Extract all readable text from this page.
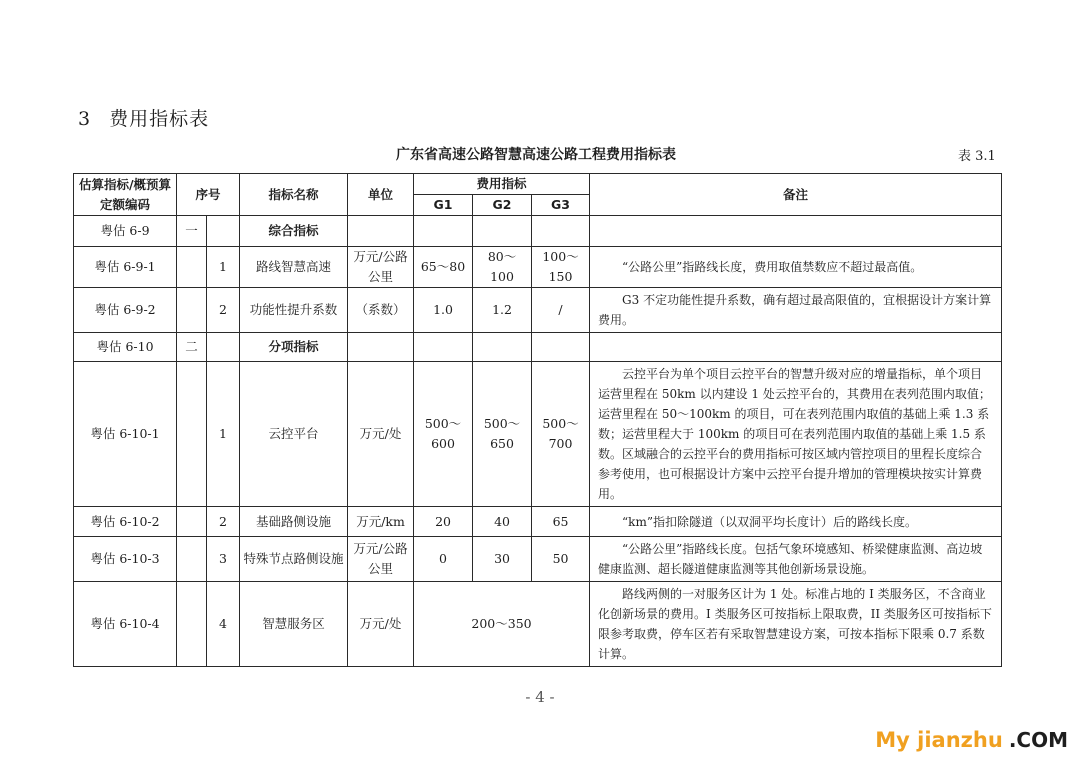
3 费用指标表
广东省高速公路智慧高速公路工程费用指标表	表 3.1
估算指标/概预算定额编码	序号		指标名称	单位	费用指标			备注
					G1	G2	G3	
粤估 6-9	一		综合指标					
粤估 6-9-1		1	路线智慧高速	万元/公路公里	65～80	80～100	100～150	“公路公里”指路线长度，费用取值禁数应不超过最高值。

粤估 6-9-2		2	功能性提升系数	（系数）	1.0	1.2	/	G3 不定功能性提升系数，确有超过最高限值的，宜根据设计方案计算费用。

粤估 6-10	二		分项指标					
粤估 6-10-1		1	云控平台	万元/处	500～600	500～650	500～700	云控平台为单个项目云控平台的智慧升级对应的增量指标，单个项目运营里程在 50km 以内建设 1 处云控平台的，其费用在表列范围内取值；运营里程在 50～100km 的项目，可在表列范围内取值的基础上乘 1.3 系数；运营里程大于 100km 的项目可在表列范围内取值的基础上乘 1.5 系数。区域融合的云控平台的费用指标可按区域内管控项目的里程长度综合参考使用，也可根据设计方案中云控平台提升增加的管理模块按实计算费用。

粤估 6-10-2		2	基础路侧设施	万元/km	20	40	65	“km”指扣除隧道（以双洞平均长度计）后的路线长度。

粤估 6-10-3		3	特殊节点路侧设施	万元/公路公里	0	30	50	“公路公里”指路线长度。包括气象环境感知、桥梁健康监测、高边坡健康监测、超长隧道健康监测等其他创新场景设施。

粤估 6-10-4		4	智慧服务区	万元/处	200～350			路线两侧的一对服务区计为 1 处。标准占地的 I 类服务区，不含商业化创新场景的费用。I 类服务区可按指标上限取费，II 类服务区可按指标下限参考取费，停车区若有采取智慧建设方案，可按本指标下限乘 0.7 系数计算。
- 4 -
My jianzhu .COM
